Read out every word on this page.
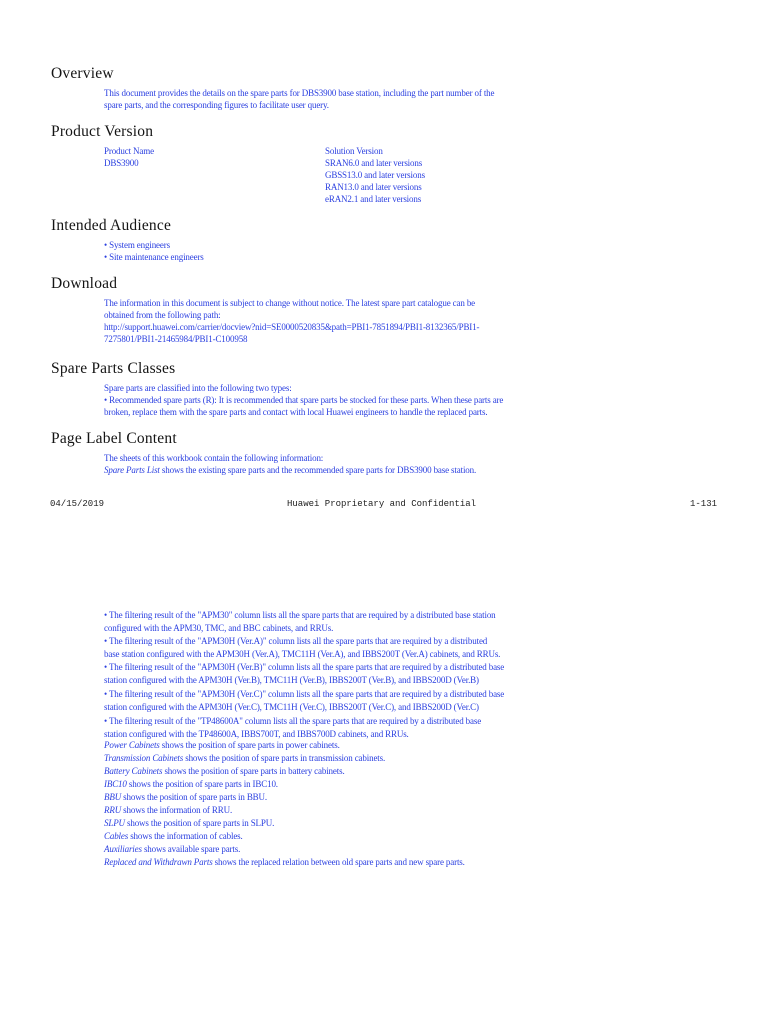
Overview
This document provides the details on the spare parts for DBS3900 base station, including the part number of the
spare parts, and the corresponding figures to facilitate user query.
Product Version
Product Name
DBS3900
Solution Version
SRAN6.0 and later versions
GBSS13.0 and later versions
RAN13.0 and later versions
eRAN2.1 and later versions
Intended Audience
• System engineers
• Site maintenance engineers
Download
The information in this document is subject to change without notice. The latest spare part catalogue can be
obtained from the following path:
http://support.huawei.com/carrier/docview?nid=SE0000520835&path=PBI1-7851894/PBI1-8132365/PBI1-
7275801/PBI1-21465984/PBI1-C100958
Spare Parts Classes
Spare parts are classified into the following two types:
• Recommended spare parts (R): It is recommended that spare parts be stocked for these parts. When these parts are
broken, replace them with the spare parts and contact with local Huawei engineers to handle the replaced parts.
Page Label Content
The sheets of this workbook contain the following information:
Spare Parts List shows the existing spare parts and the recommended spare parts for DBS3900 base station.
04/15/2019	Huawei Proprietary and Confidential	1-131
• The filtering result of the "APM30" column lists all the spare parts that are required by a distributed base station
configured with the APM30, TMC, and BBC cabinets, and RRUs.
• The filtering result of the "APM30H (Ver.A)" column lists all the spare parts that are required by a distributed
base station configured with the APM30H (Ver.A), TMC11H (Ver.A), and IBBS200T (Ver.A) cabinets, and RRUs.
• The filtering result of the "APM30H (Ver.B)" column lists all the spare parts that are required by a distributed base
station configured with the APM30H (Ver.B), TMC11H (Ver.B), IBBS200T (Ver.B), and IBBS200D (Ver.B)
• The filtering result of the "APM30H (Ver.C)" column lists all the spare parts that are required by a distributed base
station configured with the APM30H (Ver.C), TMC11H (Ver.C), IBBS200T (Ver.C), and IBBS200D (Ver.C)
• The filtering result of the "TP48600A" column lists all the spare parts that are required by a distributed base
station configured with the TP48600A, IBBS700T, and IBBS700D cabinets, and RRUs.
Power Cabinets shows the position of spare parts in power cabinets.
Transmission Cabinets shows the position of spare parts in transmission cabinets.
Battery Cabinets shows the position of spare parts in battery cabinets.
IBC10 shows the position of spare parts in IBC10.
BBU shows the position of spare parts in BBU.
RRU shows the information of RRU.
SLPU shows the position of spare parts in SLPU.
Cables shows the information of cables.
Auxiliaries shows available spare parts.
Replaced and Withdrawn Parts shows the replaced relation between old spare parts and new spare parts.
